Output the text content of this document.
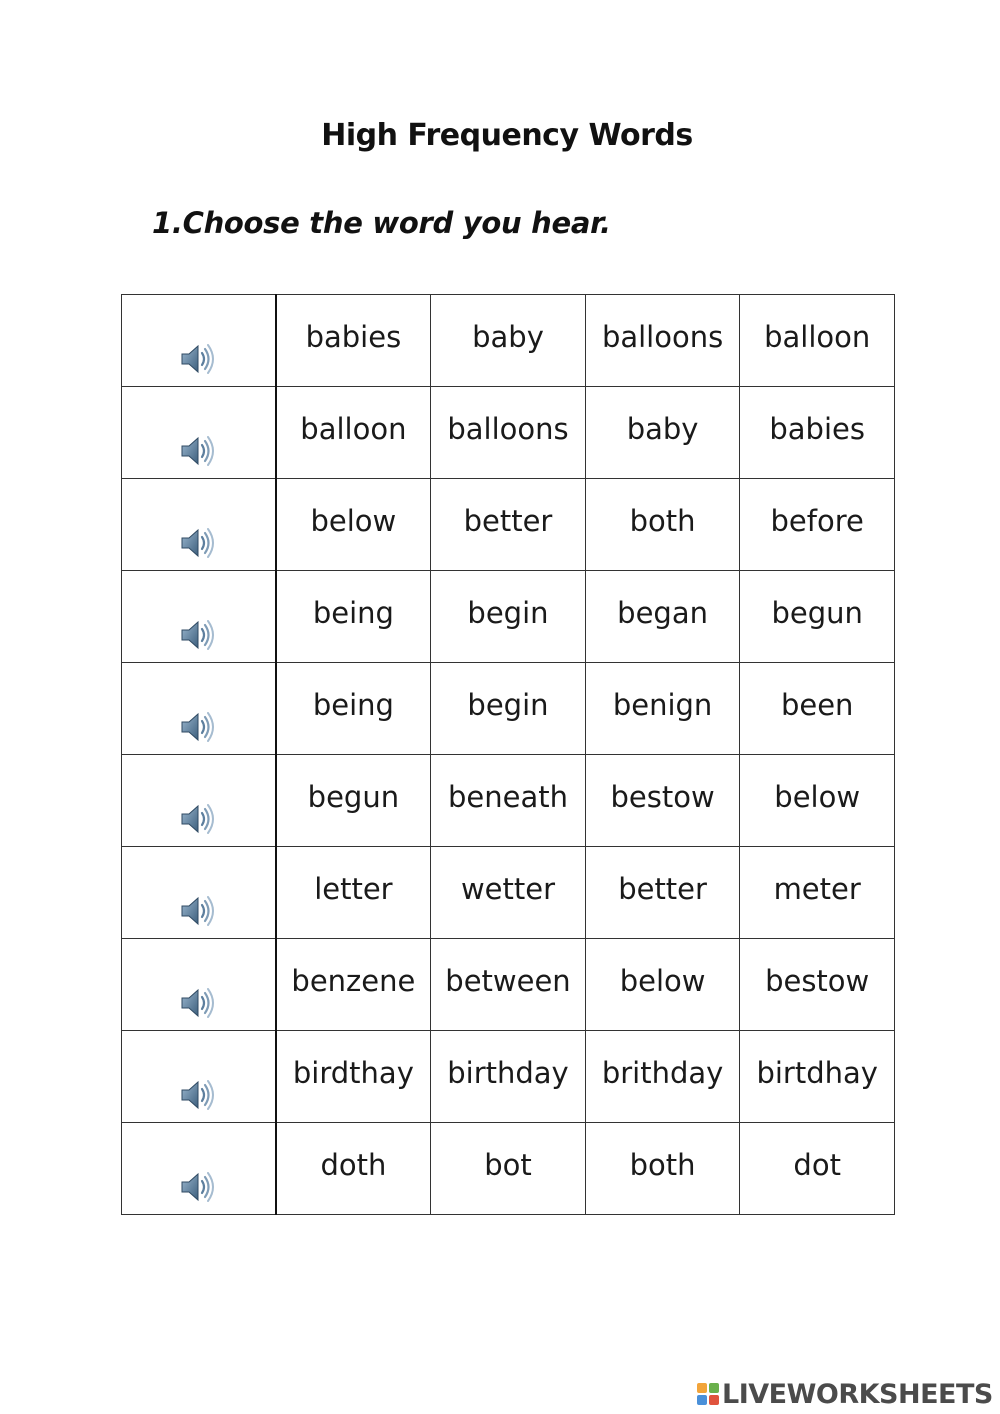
High Frequency Words
1.Choose the word you hear.

babies	baby	balloons	balloon

balloon	balloons	baby	babies

below	better	both	before

being	begin	began	begun

being	begin	benign	been

begun	beneath	bestow	below

letter	wetter	better	meter

benzene	between	below	bestow

birdthay	birthday	brithday	birtdhay

doth	bot	both	dot
LIVEWORKSHEETS
